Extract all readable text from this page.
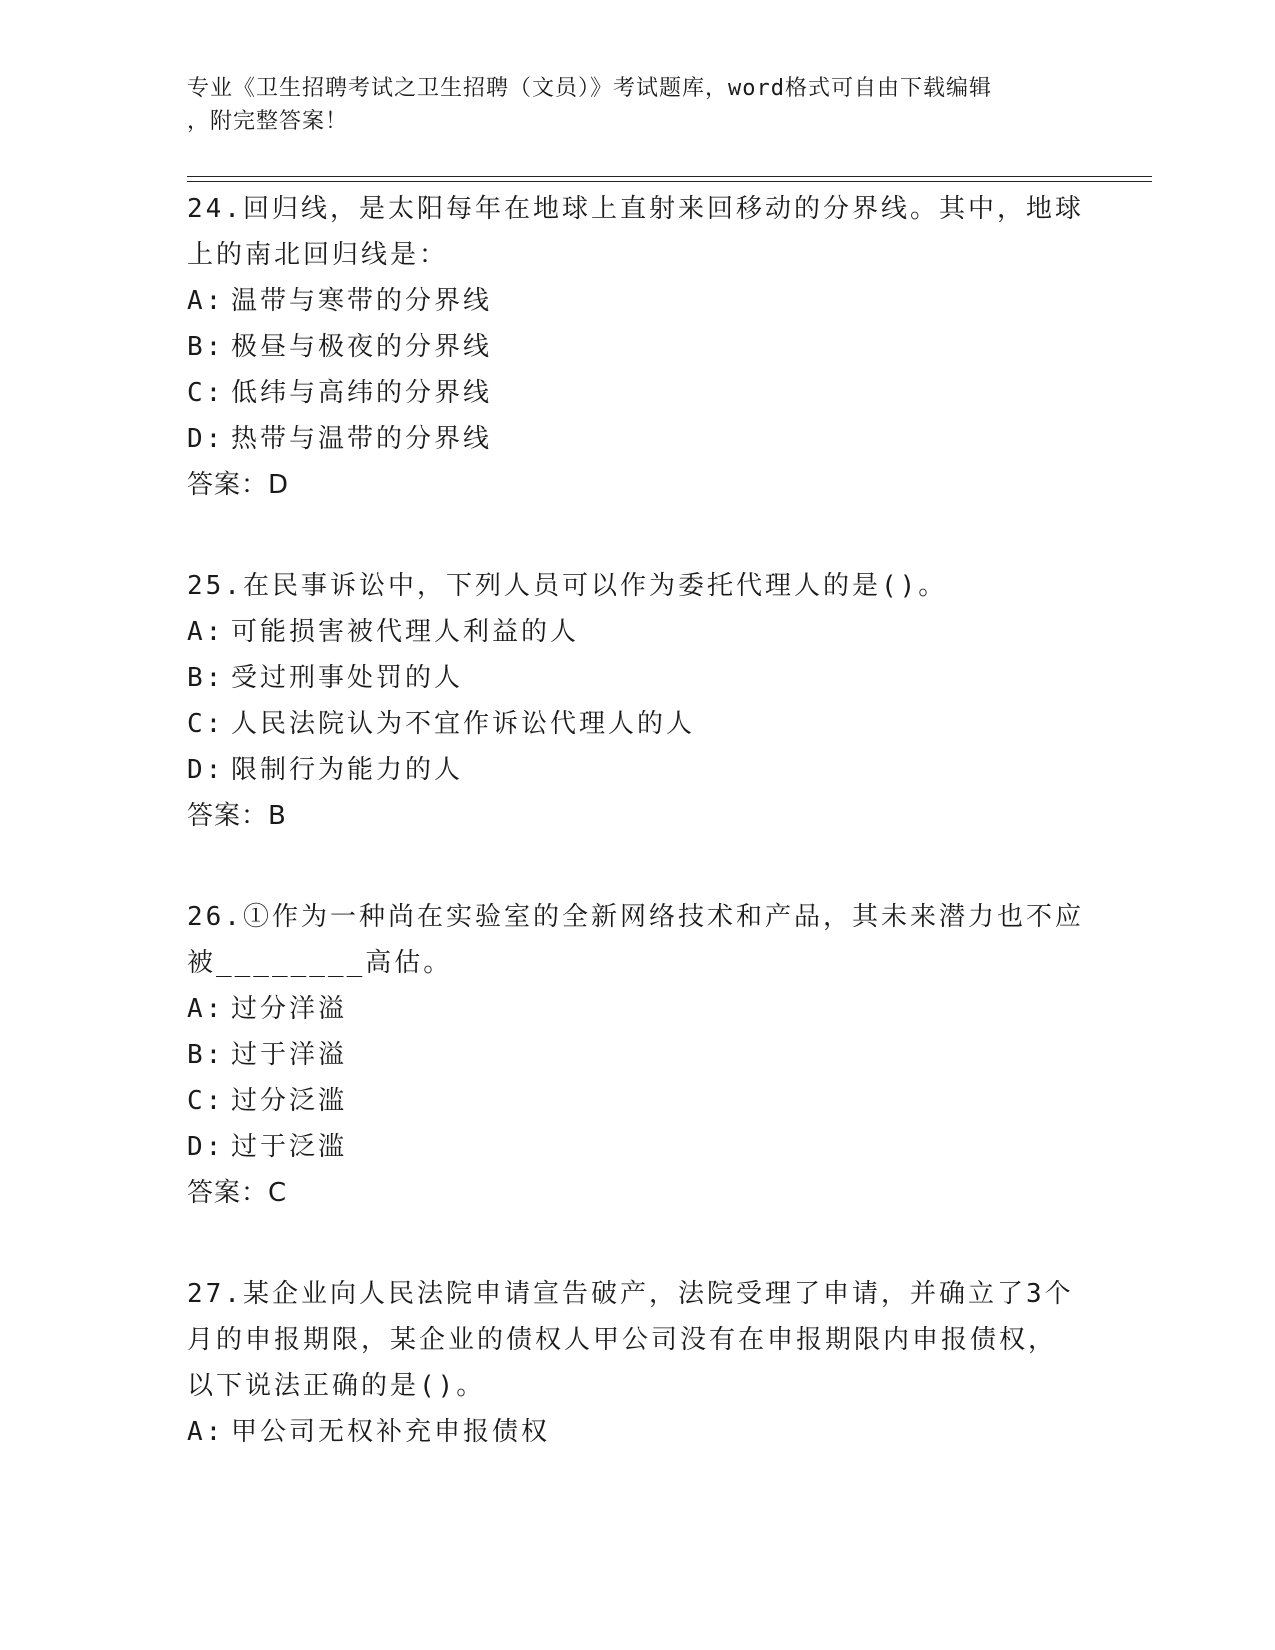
专业《卫生招聘考试之卫生招聘（文员）》考试题库，word格式可自由下载编辑
，附完整答案！
24.回归线，是太阳每年在地球上直射来回移动的分界线。其中，地球
上的南北回归线是：
A: 温带与寒带的分界线
B: 极昼与极夜的分界线
C: 低纬与高纬的分界线
D: 热带与温带的分界线
答案：D
25.在民事诉讼中，下列人员可以作为委托代理人的是()。
A: 可能损害被代理人利益的人
B: 受过刑事处罚的人
C: 人民法院认为不宜作诉讼代理人的人
D: 限制行为能力的人
答案：B
26.①作为一种尚在实验室的全新网络技术和产品，其未来潜力也不应
被________高估。
A: 过分洋溢
B: 过于洋溢
C: 过分泛滥
D: 过于泛滥
答案：C
27.某企业向人民法院申请宣告破产，法院受理了申请，并确立了3个
月的申报期限，某企业的债权人甲公司没有在申报期限内申报债权，
以下说法正确的是()。
A: 甲公司无权补充申报债权
